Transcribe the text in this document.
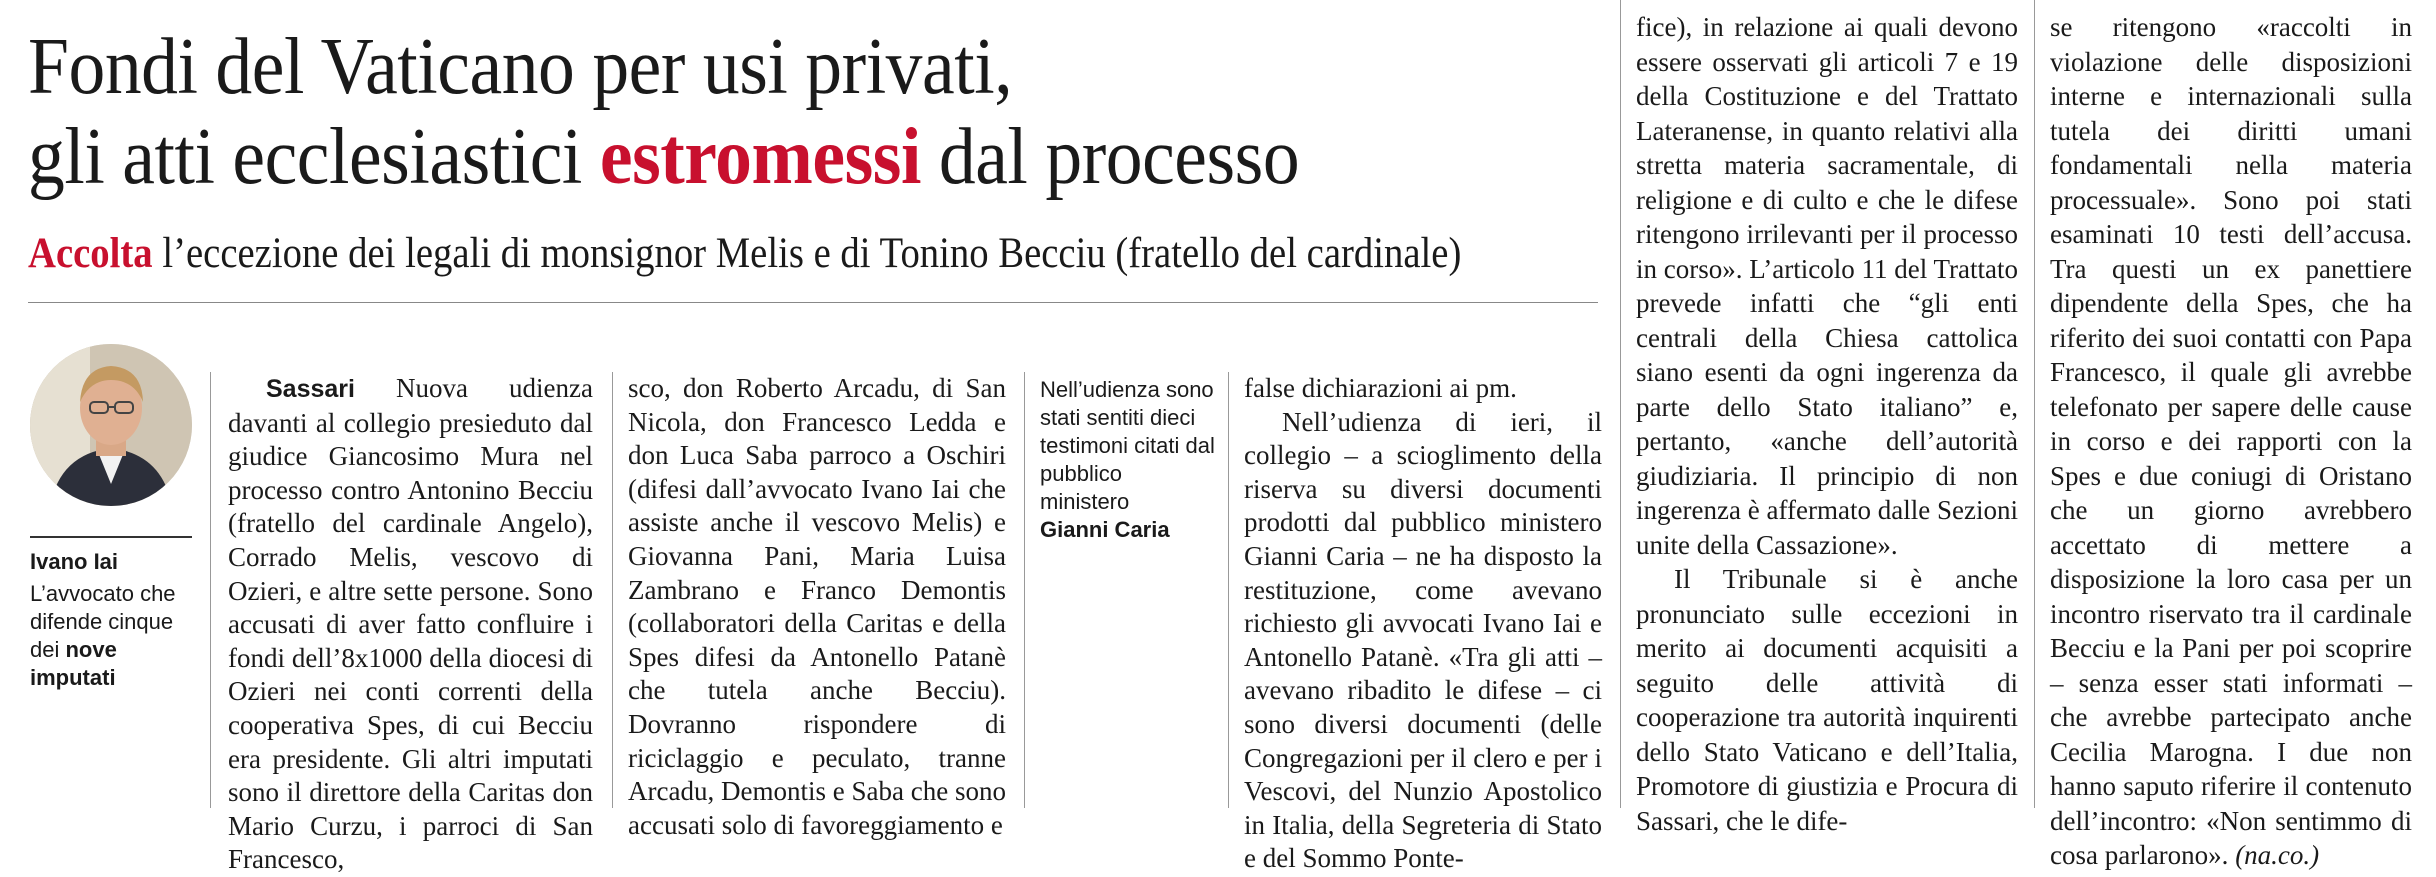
Fondi del Vaticano per usi privati,
gli atti ecclesiastici estromessi dal processo

Accolta l’eccezione dei legali di monsignor Melis e di Tonino Becciu (fratello del cardinale)

Ivano Iai
L’avvocato che difende cinque dei nove imputati

Sassari Nuova udienza davanti al collegio presieduto dal giudice Giancosimo Mura nel processo contro Antonino Becciu (fratello del cardinale Angelo), Corrado Melis, vescovo di Ozieri, e altre sette persone. Sono accusati di aver fatto confluire i fondi dell’8x1000 della diocesi di Ozieri nei conti correnti della cooperativa Spes, di cui Becciu era presidente. Gli altri imputati sono il direttore della Caritas don Mario Curzu, i parroci di San Francesco,

sco, don Roberto Arcadu, di San Nicola, don Francesco Ledda e don Luca Saba parroco a Oschiri (difesi dall’avvocato Ivano Iai che assiste anche il vescovo Melis) e Giovanna Pani, Maria Luisa Zambrano e Franco Demontis (collaboratori della Caritas e della Spes difesi da Antonello Patanè che tutela anche Becciu). Dovranno rispondere di riciclaggio e peculato, tranne Arcadu, Demontis e Saba che sono accusati solo di favoreggiamento e

Nell’udienza sono stati sentiti dieci testimoni citati dal pubblico ministero
Gianni Caria

false dichiarazioni ai pm.

Nell’udienza di ieri, il collegio – a scioglimento della riserva su diversi documenti prodotti dal pubblico ministero Gianni Caria – ne ha disposto la restituzione, come avevano richiesto gli avvocati Ivano Iai e Antonello Patanè. «Tra gli atti – avevano ribadito le difese – ci sono diversi documenti (delle Congregazioni per il clero e per i Vescovi, del Nunzio Apostolico in Italia, della Segreteria di Stato e del Sommo Ponte-

fice), in relazione ai quali devono essere osservati gli articoli 7 e 19 della Costituzione e del Trattato Lateranense, in quanto relativi alla stretta materia sacramentale, di religione e di culto e che le difese ritengono irrilevanti per il processo in corso». L’articolo 11 del Trattato prevede infatti che “gli enti centrali della Chiesa cattolica siano esenti da ogni ingerenza da parte dello Stato italiano” e, pertanto, «anche dell’autorità giudiziaria. Il principio di non ingerenza è affermato dalle Sezioni unite della Cassazione».

Il Tribunale si è anche pronunciato sulle eccezioni in merito ai documenti acquisiti a seguito delle attività di cooperazione tra autorità inquirenti dello Stato Vaticano e dell’Italia, Promotore di giustizia e Procura di Sassari, che le dife-

se ritengono «raccolti in violazione delle disposizioni interne e internazionali sulla tutela dei diritti umani fondamentali nella materia processuale». Sono poi stati esaminati 10 testi dell’accusa. Tra questi un ex panettiere dipendente della Spes, che ha riferito dei suoi contatti con Papa Francesco, il quale gli avrebbe telefonato per sapere delle cause in corso e dei rapporti con la Spes e due coniugi di Oristano che un giorno avrebbero accettato di mettere a disposizione la loro casa per un incontro riservato tra il cardinale Becciu e la Pani per poi scoprire – senza esser stati informati – che avrebbe partecipato anche Cecilia Marogna. I due non hanno saputo riferire il contenuto dell’incontro: «Non sentimmo di cosa parlarono». (na.co.)
